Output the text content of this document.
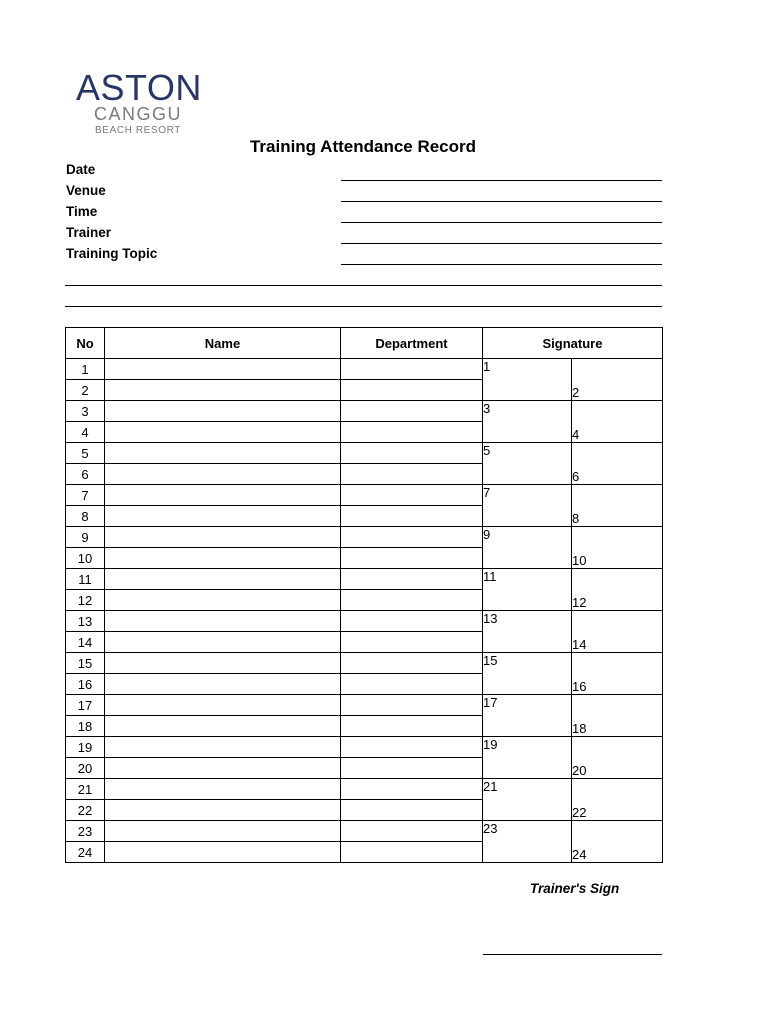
ASTON
CANGGU
BEACH RESORT
Training Attendance Record
Date
Venue
Time
Trainer
Training Topic
No	Name	Department	Signature	
1			1	2
2				
3			3	4
4				
5			5	6
6				
7			7	8
8				
9			9	10
10				
11			11	12
12				
13			13	14
14				
15			15	16
16				
17			17	18
18				
19			19	20
20				
21			21	22
22				
23			23	24
24				
Trainer's Sign
